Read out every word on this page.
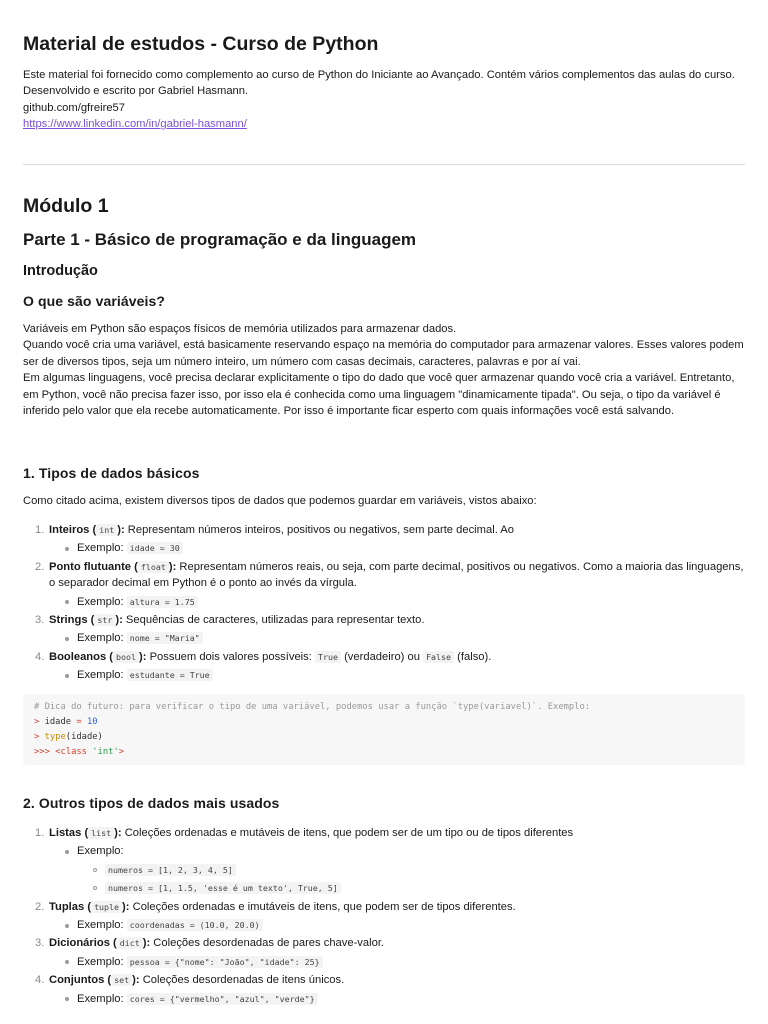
Material de estudos - Curso de Python

Este material foi fornecido como complemento ao curso de Python do Iniciante ao Avançado. Contém vários complementos das aulas do curso.

Desenvolvido e escrito por Gabriel Hasmann.

github.com/gfreire57

https://www.linkedin.com/in/gabriel-hasmann/

Módulo 1
Parte 1 - Básico de programação e da linguagem
Introdução
O que são variáveis?
Variáveis em Python são espaços físicos de memória utilizados para armazenar dados.
Quando você cria uma variável, está basicamente reservando espaço na memória do computador para armazenar valores. Esses valores podem ser de diversos tipos, seja um número inteiro, um número com casas decimais, caracteres, palavras e por aí vai.
Em algumas linguagens, você precisa declarar explicitamente o tipo do dado que você quer armazenar quando você cria a variável. Entretanto, em Python, você não precisa fazer isso, por isso ela é conhecida como uma linguagem "dinamicamente tipada". Ou seja, o tipo da variável é inferido pelo valor que ela recebe automaticamente. Por isso é importante ficar esperto com quais informações você está salvando.
1. Tipos de dados básicos
Como citado acima, existem diversos tipos de dados que podemos guardar em variáveis, vistos abaixo:
1. Inteiros ( int ): Representam números inteiros, positivos ou negativos, sem parte decimal. Ao
Exemplo: idade = 30
2. Ponto flutuante ( float ): Representam números reais, ou seja, com parte decimal, positivos ou negativos. Como a maioria das linguagens, o separador decimal em Python é o ponto ao invés da vírgula.
Exemplo: altura = 1.75
3. Strings ( str ): Sequências de caracteres, utilizadas para representar texto.
Exemplo: nome = "Maria"
4. Booleanos ( bool ): Possuem dois valores possíveis: True (verdadeiro) ou False (falso).
Exemplo: estudante = True
# Dica do futuro: para verificar o tipo de uma variável, podemos usar a função `type(variavel)`. Exemplo:
> idade = 10
> type(idade)
>>> <class 'int'>
2. Outros tipos de dados mais usados
1. Listas ( list ): Coleções ordenadas e mutáveis de itens, que podem ser de um tipo ou de tipos diferentes
Exemplo:
numeros = [1, 2, 3, 4, 5]
numeros = [1, 1.5, 'esse é um texto', True, 5]
2. Tuplas ( tuple ): Coleções ordenadas e imutáveis de itens, que podem ser de tipos diferentes.
Exemplo: coordenadas = (10.0, 20.0)
3. Dicionários ( dict ): Coleções desordenadas de pares chave-valor.
Exemplo: pessoa = {"nome": "João", "idade": 25}
4. Conjuntos ( set ): Coleções desordenadas de itens únicos.
Exemplo: cores = {"vermelho", "azul", "verde"}
